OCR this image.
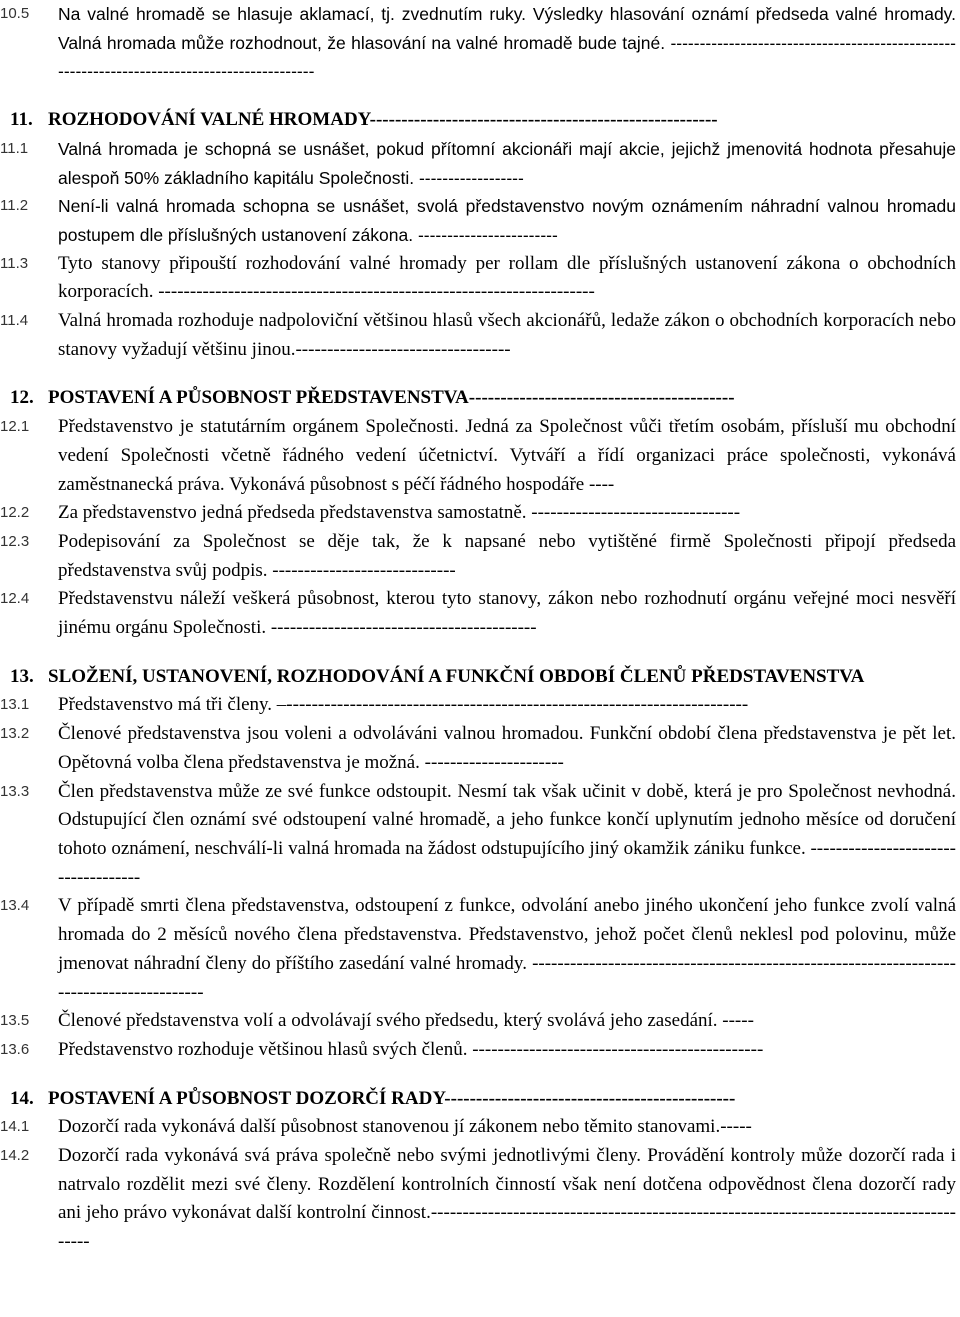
10.5	Na valné hromadě se hlasuje aklamací, tj. zvednutím ruky. Výsledky hlasování oznámí předseda valné hromady. Valná hromada může rozhodnout, že hlasování na valné hromadě bude tajné. ---------------------------------------------------------------------------------------------
11. ROZHODOVÁNÍ VALNÉ HROMADY-------------------------------------------------------
11.1	Valná hromada je schopná se usnášet, pokud přítomní akcionáři mají akcie, jejichž jmenovitá hodnota přesahuje alespoň 50% základního kapitálu Společnosti. ------------------
11.2	Není-li valná hromada schopna se usnášet, svolá představenstvo novým oznámením náhradní valnou hromadu postupem dle příslušných ustanovení zákona. ------------------------
11.3	Tyto stanovy připouští rozhodování valné hromady per rollam dle příslušných ustanovení zákona o obchodních korporacích. ---------------------------------------------------------------------
11.4	Valná hromada rozhoduje nadpoloviční většinou hlasů všech akcionářů, ledaže zákon o obchodních korporacích nebo stanovy vyžadují většinu jinou.----------------------------------
12. POSTAVENÍ A PŮSOBNOST PŘEDSTAVENSTVA------------------------------------------
12.1	Představenstvo je statutárním orgánem Společnosti. Jedná za Společnost vůči třetím osobám, přísluší mu obchodní vedení Společnosti včetně řádného vedení účetnictví. Vytváří a řídí organizaci práce společnosti, vykonává zaměstnanecká práva. Vykonává působnost s péčí řádného hospodáře ----
12.2	Za představenstvo jedná předseda představenstva samostatně. ---------------------------------
12.3	Podepisování za Společnost se děje tak, že k napsané nebo vytištěné firmě Společnosti připojí předseda představenstva svůj podpis. -----------------------------
12.4	Představenstvu náleží veškerá působnost, kterou tyto stanovy, zákon nebo rozhodnutí orgánu veřejné moci nesvěří jinému orgánu Společnosti. ------------------------------------------
13. SLOŽENÍ, USTANOVENÍ, ROZHODOVÁNÍ A FUNKČNÍ OBDOBÍ ČLENŮ PŘEDSTAVENSTVA
13.1	Představenstvo má tři členy. –-------------------------------------------------------------------------
13.2	Členové představenstva jsou voleni a odvoláváni valnou hromadou. Funkční období člena představenstva je pět let. Opětovná volba člena představenstva je možná. ----------------------
13.3	Člen představenstva může ze své funkce odstoupit. Nesmí tak však učinit v době, která je pro Společnost nevhodná. Odstupující člen oznámí své odstoupení valné hromadě, a jeho funkce končí uplynutím jednoho měsíce od doručení tohoto oznámení, neschválí-li valná hromada na žádost odstupujícího jiný okamžik zániku funkce. ------------------------------------
13.4	V případě smrti člena představenstva, odstoupení z funkce, odvolání anebo jiného ukončení jeho funkce zvolí valná hromada do 2 měsíců nového člena představenstva. Představenstvo, jehož počet členů neklesl pod polovinu, může jmenovat náhradní členy do příštího zasedání valné hromady. ------------------------------------------------------------------------------------------
13.5	Členové představenstva volí a odvolávají svého předsedu, který svolává jeho zasedání. -----
13.6	Představenstvo rozhoduje většinou hlasů svých členů. ----------------------------------------------
14. POSTAVENÍ A PŮSOBNOST DOZORČÍ RADY----------------------------------------------
14.1	Dozorčí rada vykonává další působnost stanovenou jí zákonem nebo těmito stanovami.-----
14.2	Dozorčí rada vykonává svá práva společně nebo svými jednotlivými členy. Provádění kontroly může dozorčí rada i natrvalo rozdělit mezi své členy. Rozdělení kontrolních činností však není dotčena odpovědnost člena dozorčí rady ani jeho právo vykonávat další kontrolní činnost.----------------------------------------------------------------------------------------
